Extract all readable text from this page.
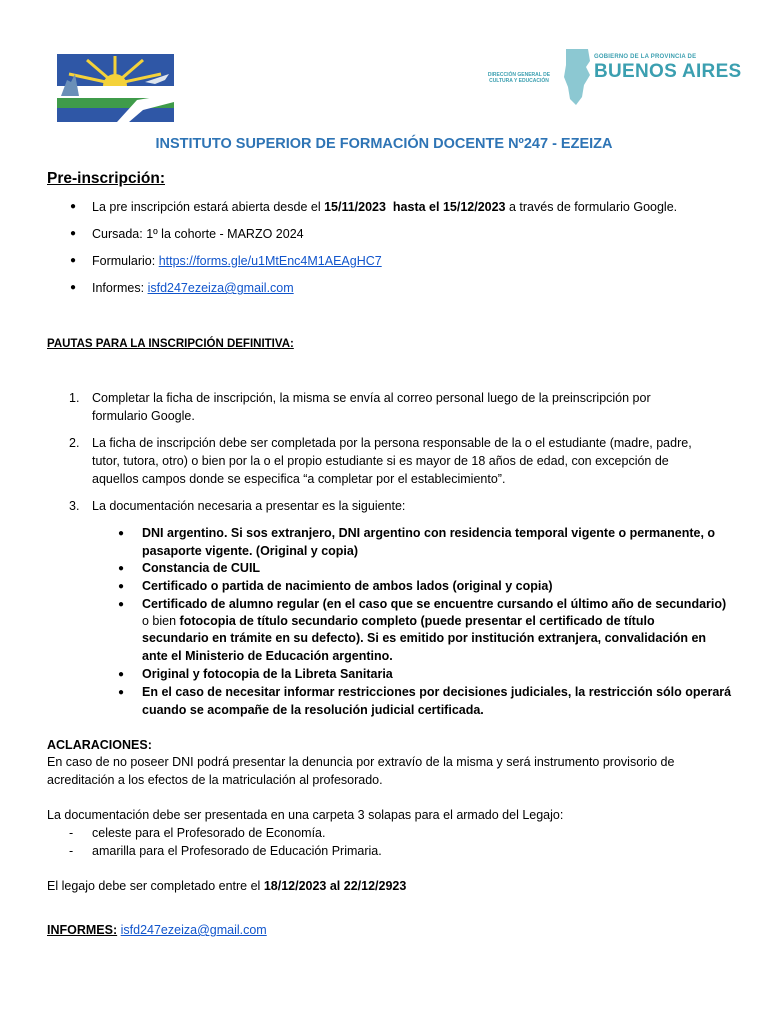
DIRECCIÓN GENERAL DE CULTURA Y EDUCACIÓN
GOBIERNO DE LA PROVINCIA DE
BUENOS AIRES
INSTITUTO SUPERIOR DE FORMACIÓN DOCENTE Nº247 - EZEIZA
Pre-inscripción:
● La pre inscripción estará abierta desde el 15/11/2023 hasta el 15/12/2023 a través de formulario Google.
● Cursada: 1º la cohorte - MARZO 2024
● Formulario: https://forms.gle/u1MtEnc4M1AEAgHC7
● Informes: isfd247ezeiza@gmail.com
PAUTAS PARA LA INSCRIPCIÓN DEFINITIVA:
1. Completar la ficha de inscripción, la misma se envía al correo personal luego de la preinscripción por
formulario Google.
2. La ficha de inscripción debe ser completada por la persona responsable de la o el estudiante (madre, padre,
tutor, tutora, otro) o bien por la o el propio estudiante si es mayor de 18 años de edad, con excepción de
aquellos campos donde se especifica “a completar por el establecimiento”.
3. La documentación necesaria a presentar es la siguiente:
● DNI argentino. Si sos extranjero, DNI argentino con residencia temporal vigente o permanente, o
pasaporte vigente. (Original y copia)
● Constancia de CUIL
● Certificado o partida de nacimiento de ambos lados (original y copia)
● Certificado de alumno regular (en el caso que se encuentre cursando el último año de secundario)
o bien fotocopia de título secundario completo (puede presentar el certificado de título
secundario en trámite en su defecto). Si es emitido por institución extranjera, convalidación en
ante el Ministerio de Educación argentino.
● Original y fotocopia de la Libreta Sanitaria
● En el caso de necesitar informar restricciones por decisiones judiciales, la restricción sólo operará
cuando se acompañe de la resolución judicial certificada.
ACLARACIONES:
En caso de no poseer DNI podrá presentar la denuncia por extravío de la misma y será instrumento provisorio de
acreditación a los efectos de la matriculación al profesorado.
La documentación debe ser presentada en una carpeta 3 solapas para el armado del Legajo:
- celeste para el Profesorado de Economía.
- amarilla para el Profesorado de Educación Primaria.
El legajo debe ser completado entre el 18/12/2023 al 22/12/2923
INFORMES: isfd247ezeiza@gmail.com
